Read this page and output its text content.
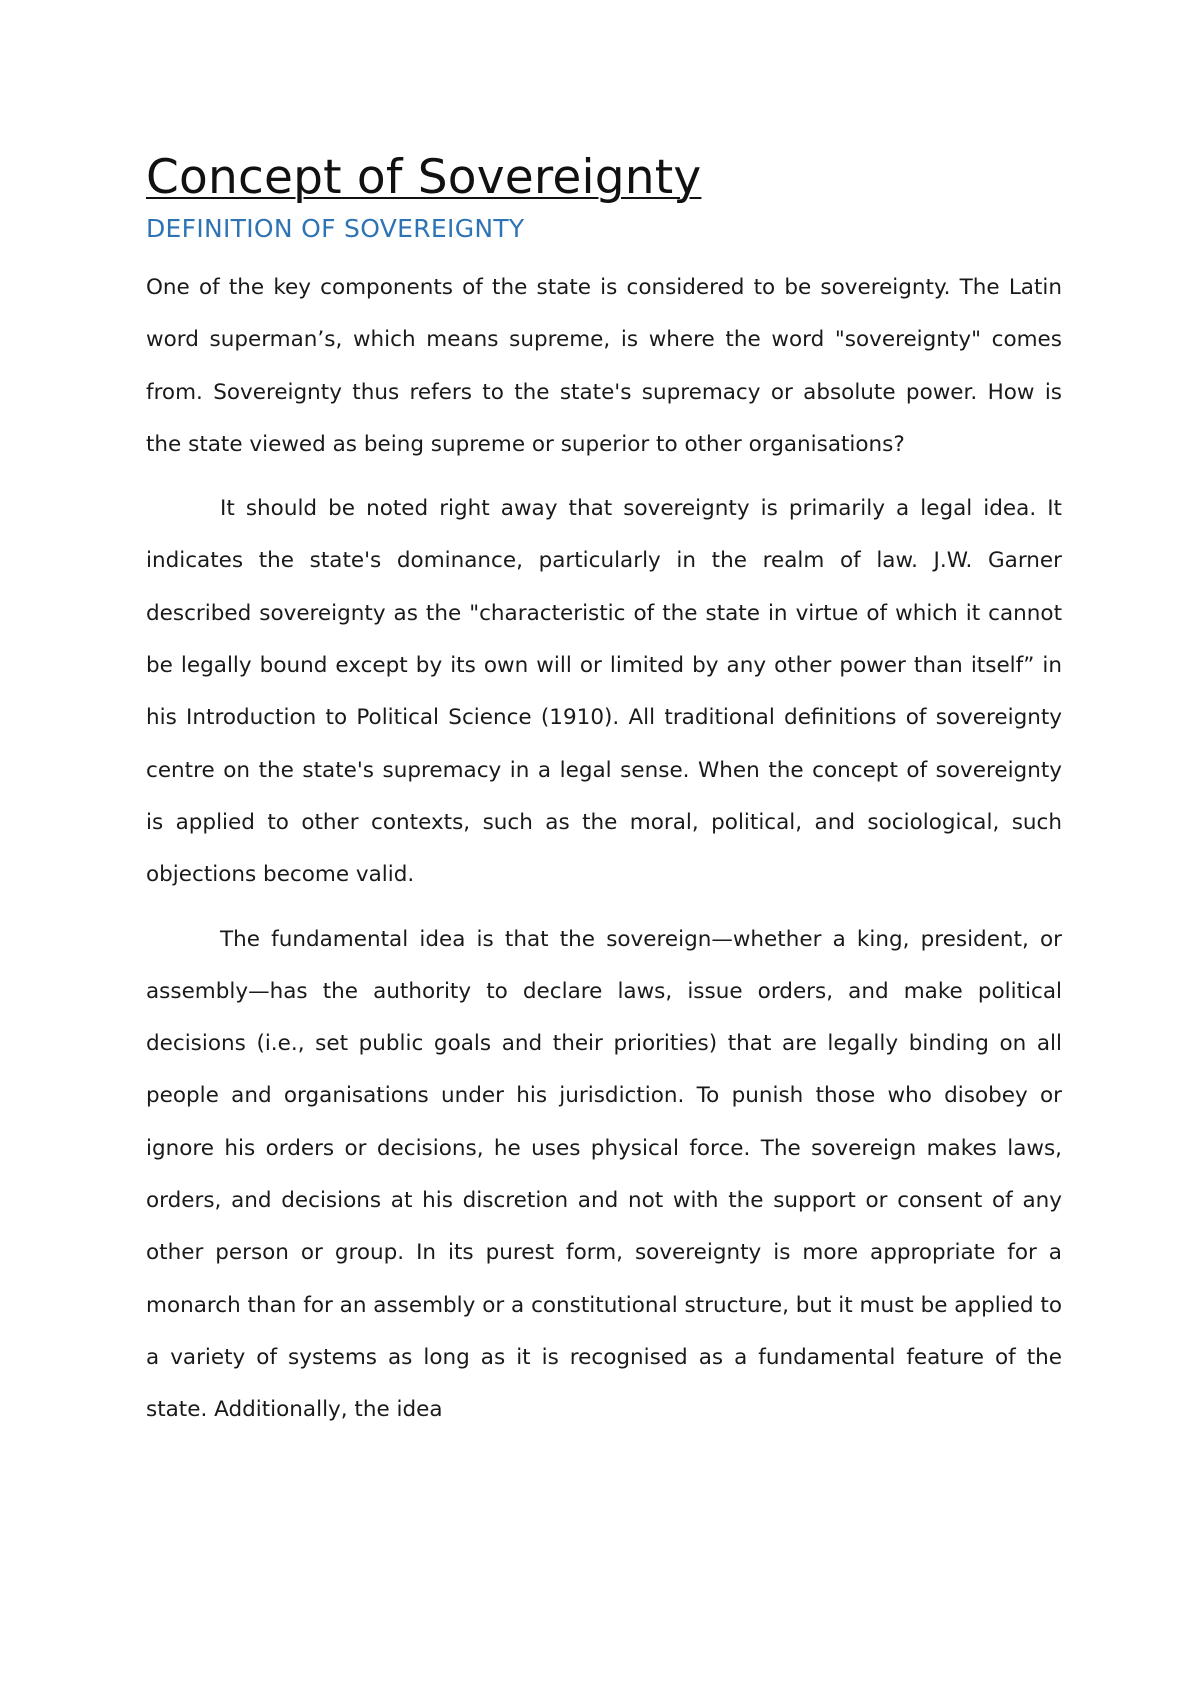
Concept of Sovereignty
DEFINITION OF SOVEREIGNTY

One of the key components of the state is considered to be sovereignty. The Latin word superman’s, which means supreme, is where the word "sovereignty" comes from. Sovereignty thus refers to the state's supremacy or absolute power. How is the state viewed as being supreme or superior to other organisations?

It should be noted right away that sovereignty is primarily a legal idea. It indicates the state's dominance, particularly in the realm of law. J.W. Garner described sovereignty as the "characteristic of the state in virtue of which it cannot be legally bound except by its own will or limited by any other power than itself” in his Introduction to Political Science (1910). All traditional definitions of sovereignty centre on the state's supremacy in a legal sense. When the concept of sovereignty is applied to other contexts, such as the moral, political, and sociological, such objections become valid.

The fundamental idea is that the sovereign—whether a king, president, or assembly—has the authority to declare laws, issue orders, and make political decisions (i.e., set public goals and their priorities) that are legally binding on all people and organisations under his jurisdiction. To punish those who disobey or ignore his orders or decisions, he uses physical force. The sovereign makes laws, orders, and decisions at his discretion and not with the support or consent of any other person or group. In its purest form, sovereignty is more appropriate for a monarch than for an assembly or a constitutional structure, but it must be applied to a variety of systems as long as it is recognised as a fundamental feature of the state. Additionally, the idea
